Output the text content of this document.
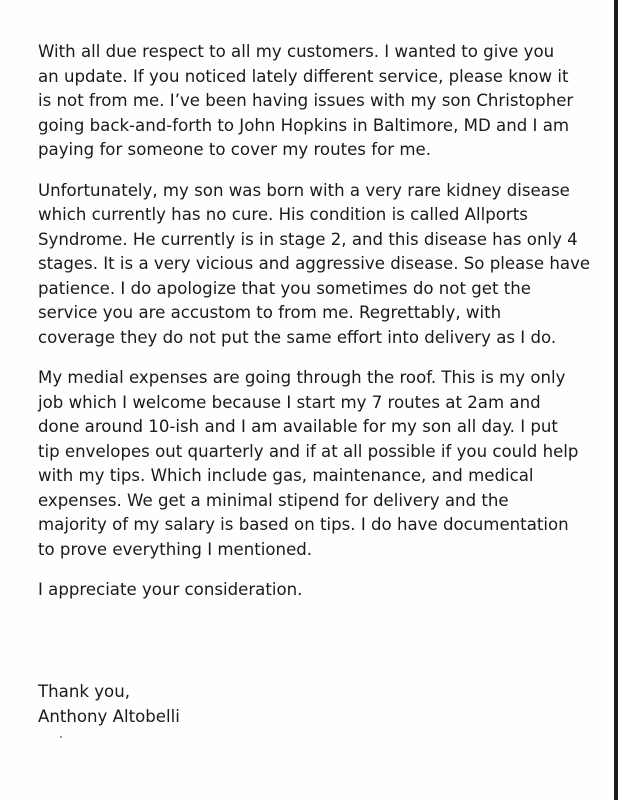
With all due respect to all my customers. I wanted to give you
an update. If you noticed lately different service, please know it
is not from me. I’ve been having issues with my son Christopher
going back-and-forth to John Hopkins in Baltimore, MD and I am
paying for someone to cover my routes for me.

Unfortunately, my son was born with a very rare kidney disease
which currently has no cure. His condition is called Allports
Syndrome. He currently is in stage 2, and this disease has only 4
stages. It is a very vicious and aggressive disease. So please have
patience. I do apologize that you sometimes do not get the
service you are accustom to from me. Regrettably, with
coverage they do not put the same effort into delivery as I do.

My medial expenses are going through the roof. This is my only
job which I welcome because I start my 7 routes at 2am and
done around 10-ish and I am available for my son all day. I put
tip envelopes out quarterly and if at all possible if you could help
with my tips. Which include gas, maintenance, and medical
expenses. We get a minimal stipend for delivery and the
majority of my salary is based on tips. I do have documentation
to prove everything I mentioned.

I appreciate your consideration.

Thank you,
Anthony Altobelli
